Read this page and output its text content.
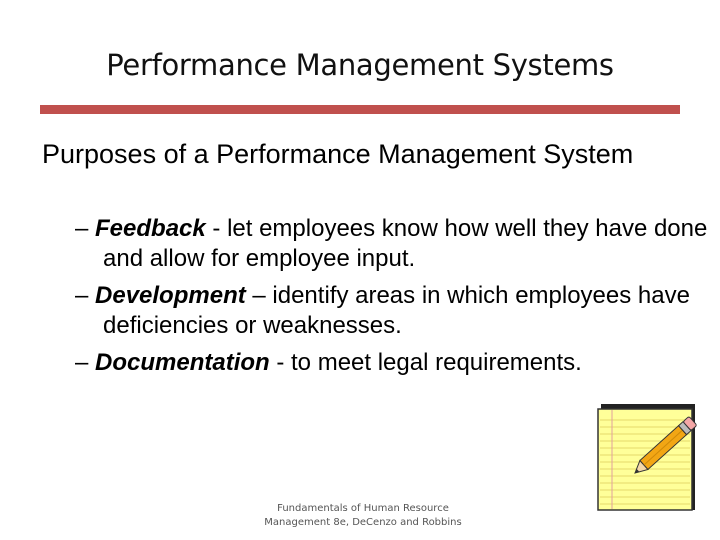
Performance Management Systems

Purposes of a Performance Management System

– Feedback - let employees know how well they have done and allow for employee input.
– Development – identify areas in which employees have deficiencies or weaknesses.
– Documentation - to meet legal requirements.
Fundamentals of Human Resource
Management 8e, DeCenzo and Robbins
